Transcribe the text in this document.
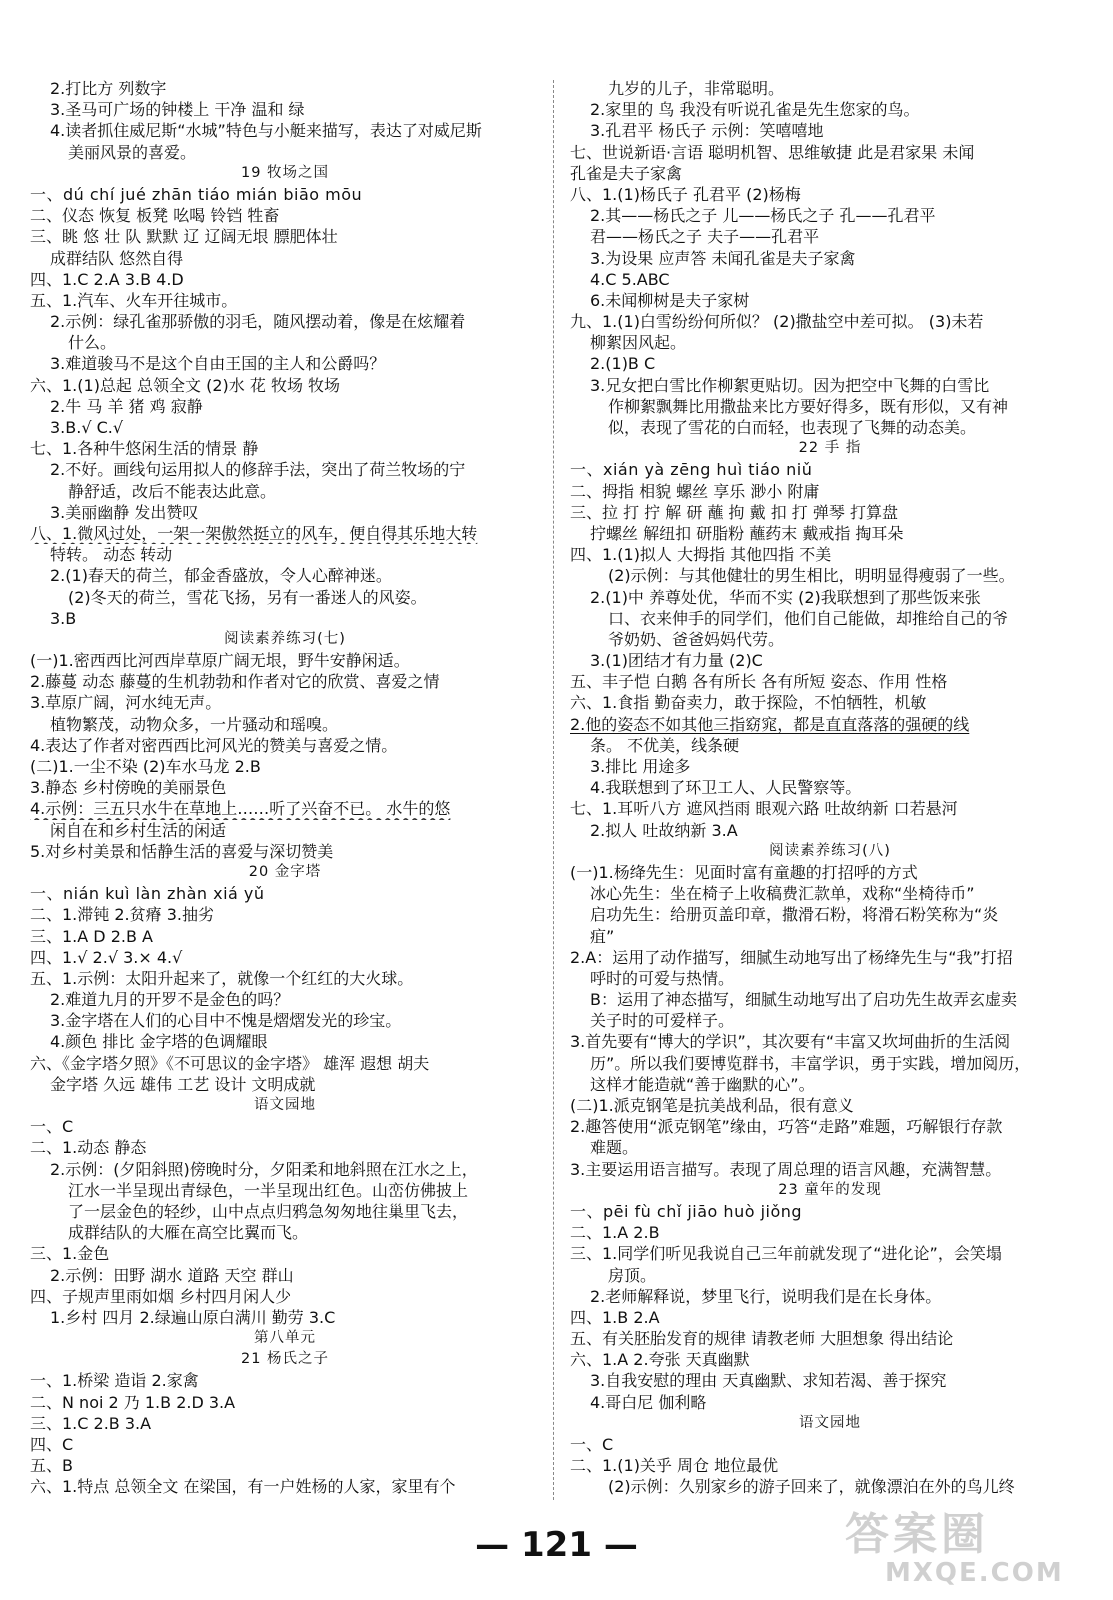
2.打比方 列数字
3.圣马可广场的钟楼上 干净 温和 绿
4.读者抓住威尼斯“水城”特色与小艇来描写，表达了对威尼斯
美丽风景的喜爱。
19 牧场之国
一、dú chí jué zhān tiáo mián biāo mōu
二、仪态 恢复 板凳 吆喝 铃铛 牲畜
三、眺 悠 壮 队 默默 辽 辽阔无垠 膘肥体壮
成群结队 悠然自得
四、1.C 2.A 3.B 4.D
五、1.汽车、火车开往城市。
2.示例：绿孔雀那骄傲的羽毛，随风摆动着，像是在炫耀着
什么。
3.难道骏马不是这个自由王国的主人和公爵吗？
六、1.(1)总起 总领全文 (2)水 花 牧场 牧场
2.牛 马 羊 猪 鸡 寂静
3.B.√ C.√
七、1.各种牛悠闲生活的情景 静
2.不好。画线句运用拟人的修辞手法，突出了荷兰牧场的宁
静舒适，改后不能表达此意。
3.美丽幽静 发出赞叹
八、1.微风过处，一架一架傲然挺立的风车，便自得其乐地大转
特转。 动态 转动
2.(1)春天的荷兰，郁金香盛放，令人心醉神迷。
(2)冬天的荷兰，雪花飞扬，另有一番迷人的风姿。
3.B
阅读素养练习(七)
(一)1.密西西比河西岸草原广阔无垠，野牛安静闲适。
2.藤蔓 动态 藤蔓的生机勃勃和作者对它的欣赏、喜爱之情
3.草原广阔，河水纯无声。
植物繁茂，动物众多，一片骚动和瑶嗅。
4.表达了作者对密西西比河风光的赞美与喜爱之情。
(二)1.一尘不染 (2)车水马龙 2.B
3.静态 乡村傍晚的美丽景色
4.示例：三五只水牛在草地上……听了兴奋不已。 水牛的悠
闲自在和乡村生活的闲适
5.对乡村美景和恬静生活的喜爱与深切赞美
20 金字塔
一、nián kuì làn zhàn xiá yǔ
二、1.滞钝 2.贫瘠 3.抽劣
三、1.A D 2.B A
四、1.√ 2.√ 3.× 4.√
五、1.示例：太阳升起来了，就像一个红红的大火球。
2.难道九月的开罗不是金色的吗？
3.金字塔在人们的心目中不愧是熠熠发光的珍宝。
4.颜色 排比 金字塔的色调耀眼
六、《金字塔夕照》《不可思议的金字塔》 雄浑 遐想 胡夫
金字塔 久远 雄伟 工艺 设计 文明成就
语文园地
一、C
二、1.动态 静态
2.示例：(夕阳斜照)傍晚时分，夕阳柔和地斜照在江水之上，
江水一半呈现出青绿色，一半呈现出红色。山峦仿佛披上
了一层金色的轻纱，山中点点归鸦急匆匆地往巢里飞去，
成群结队的大雁在高空比翼而飞。
三、1.金色
2.示例：田野 湖水 道路 天空 群山
四、子规声里雨如烟 乡村四月闲人少
1.乡村 四月 2.绿遍山原白满川 勤劳 3.C
第八单元
21 杨氏之子
一、1.桥梁 造诣 2.家禽
二、N noi 2 乃 1.B 2.D 3.A
三、1.C 2.B 3.A
四、C
五、B
六、1.特点 总领全文 在梁国，有一户姓杨的人家，家里有个
九岁的儿子，非常聪明。
2.家里的 鸟 我没有听说孔雀是先生您家的鸟。
3.孔君平 杨氏子 示例：笑嘻嘻地
七、世说新语·言语 聪明机智、思维敏捷 此是君家果 未闻
孔雀是夫子家禽
八、1.(1)杨氏子 孔君平 (2)杨梅
2.其——杨氏之子 儿——杨氏之子 孔——孔君平
君——杨氏之子 夫子——孔君平
3.为设果 应声答 未闻孔雀是夫子家禽
4.C 5.ABC
6.未闻柳树是夫子家树
九、1.(1)白雪纷纷何所似？ (2)撒盐空中差可拟。 (3)未若
柳絮因风起。
2.(1)B C
3.兄女把白雪比作柳絮更贴切。因为把空中飞舞的白雪比
作柳絮飘舞比用撒盐来比方要好得多，既有形似，又有神
似，表现了雪花的白而轻，也表现了飞舞的动态美。
22 手 指
一、xián yà zēng huì tiáo niǔ
二、拇指 相貌 螺丝 享乐 渺小 附庸
三、拉 打 拧 解 研 蘸 拘 戴 扣 打 弹琴 打算盘
拧螺丝 解纽扣 研脂粉 蘸药末 戴戒指 掏耳朵
四、1.(1)拟人 大拇指 其他四指 不美
(2)示例：与其他健壮的男生相比，明明显得瘦弱了一些。
2.(1)中 养尊处优，华而不实 (2)我联想到了那些饭来张
口、衣来伸手的同学们，他们自己能做，却推给自己的爷
爷奶奶、爸爸妈妈代劳。
3.(1)团结才有力量 (2)C
五、丰子恺 白鹅 各有所长 各有所短 姿态、作用 性格
六、1.食指 勤奋卖力，敢于探险，不怕牺牲，机敏
2.他的姿态不如其他三指窈窕，都是直直落落的强硬的线
条。 不优美，线条硬
3.排比 用途多
4.我联想到了环卫工人、人民警察等。
七、1.耳听八方 遮风挡雨 眼观六路 吐故纳新 口若悬河
2.拟人 吐故纳新 3.A
阅读素养练习(八)
(一)1.杨绛先生：见面时富有童趣的打招呼的方式
冰心先生：坐在椅子上收稿费汇款单，戏称“坐椅待币”
启功先生：给册页盖印章，撒滑石粉，将滑石粉笑称为“炎
疽”
2.A：运用了动作描写，细腻生动地写出了杨绛先生与“我”打招
呼时的可爱与热情。
B：运用了神态描写，细腻生动地写出了启功先生故弄玄虚卖
关子时的可爱样子。
3.首先要有“博大的学识”，其次要有“丰富又坎坷曲折的生活阅
历”。所以我们要博览群书，丰富学识，勇于实践，增加阅历，
这样才能造就“善于幽默的心”。
(二)1.派克钢笔是抗美战利品，很有意义
2.趣答使用“派克钢笔”缘由，巧答“走路”难题，巧解银行存款
难题。
3.主要运用语言描写。表现了周总理的语言风趣，充满智慧。
23 童年的发现
一、pēi fù chǐ jiāo huò jiǒng
二、1.A 2.B
三、1.同学们听见我说自己三年前就发现了“进化论”，会笑塌
房顶。
2.老师解释说，梦里飞行，说明我们是在长身体。
四、1.B 2.A
五、有关胚胎发育的规律 请教老师 大胆想象 得出结论
六、1.A 2.夸张 天真幽默
3.自我安慰的理由 天真幽默、求知若渴、善于探究
4.哥白尼 伽利略
语文园地
一、C
二、1.(1)关乎 周仓 地位最优
(2)示例：久别家乡的游子回来了，就像漂泊在外的鸟儿终
— 121 —	答案圈
MXQE.COM
